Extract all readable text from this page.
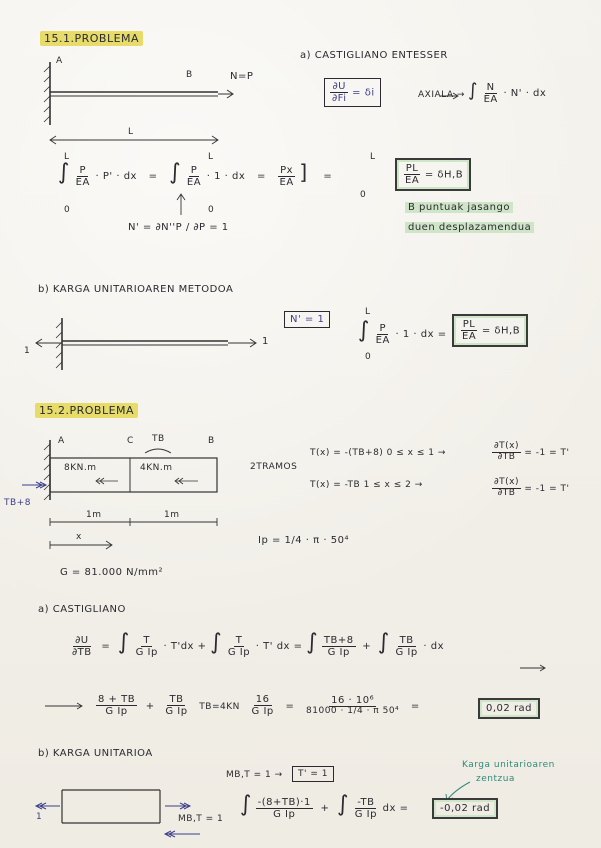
15.1.PROBLEMA
A
B	N=P
L
a) CASTIGLIANO ENTESSER
$\frac{\partial U}{\partial Fi} = \delta i$	AXIALA → ∫ $\frac{N}{EA} \cdot N'$ · dx
∫ $\frac{P}{EA} \cdot P'$ · dx = ∫ $\frac{P}{EA} \cdot 1$ · dx = $\frac{Px}{EA}$ ] =
L
0
L
0
L
0
$\frac{PL}{EA} = \delta H,B$
B puntuak jasango
duen desplazamendua
N' = ∂N''P / ∂P = 1
b) KARGA UNITARIOAREN METODOA
1
1
N' = 1 ∫ $\frac{P}{EA} \cdot 1$ · dx =
L
0
$\frac{PL}{EA} = \delta H,B$
15.2.PROBLEMA
A	C TB	B
8KN.m	4KN.m
TB+8
1m	1m
x
2TRAMOS
T(x) = -(TB+8) 0 ≤ x ≤ 1 →
T(x) = -TB 1 ≤ x ≤ 2 →
$\frac{\partial T(x)}{\partial TB} = -1 = T'$
$\frac{\partial T(x)}{\partial TB} = -1 = T'$
Ip = 1/4 · π · 50⁴
G = 81.000 N/mm²
a) CASTIGLIANO
$\frac{\partial U}{\partial TB}$ = ∫ $\frac{T}{\text{G Ip}} \cdot T'dx$ + ∫ $\frac{T}{\text{G Ip}} \cdot T'$ dx = ∫ $\frac{TB+8}{\text{G Ip}}$ + ∫ $\frac{TB}{\text{G Ip}}$ · dx
$\frac{8 + TB}{\text{G Ip}} + \frac{TB}{\text{G Ip}} TB=4KN \frac{16}{\text{G Ip}} = \frac{\text{16 · 10⁶}}{\text{81000 · 1/4 · π 50⁴}}$ =	0,02 rad
b) KARGA UNITARIOA
MB,T = 1 →	T' = 1
MB,T = 1
1	∫ $\frac{-(8+TB)\cdot 1}{\text{G Ip}}$ + ∫ $\frac{-TB}{\text{G Ip}}$ dx =	-0,02 rad
Karga unitarioaren
zentzua
